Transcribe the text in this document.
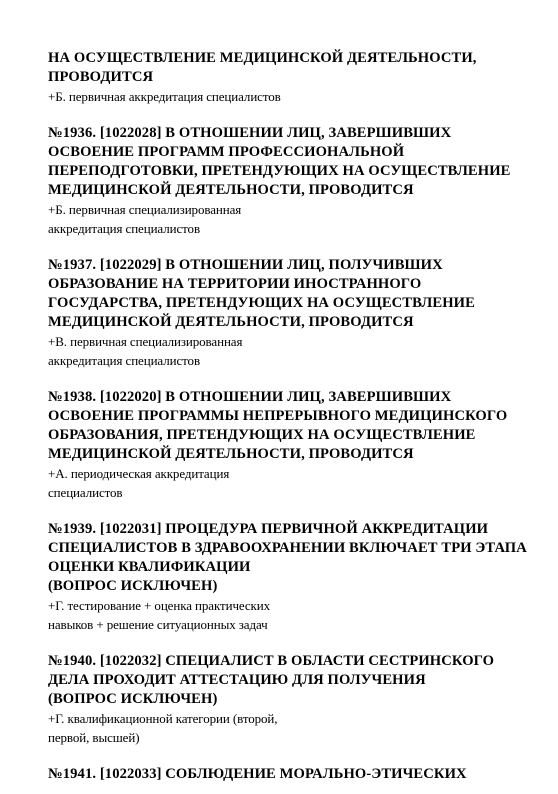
НА ОСУЩЕСТВЛЕНИЕ МЕДИЦИНСКОЙ ДЕЯТЕЛЬНОСТИ,

ПРОВОДИТСЯ

+Б. первичная аккредитация специалистов

№1936. [1022028] В ОТНОШЕНИИ ЛИЦ, ЗАВЕРШИВШИХ

ОСВОЕНИЕ ПРОГРАММ ПРОФЕССИОНАЛЬНОЙ

ПЕРЕПОДГОТОВКИ, ПРЕТЕНДУЮЩИХ НА ОСУЩЕСТВЛЕНИЕ

МЕДИЦИНСКОЙ ДЕЯТЕЛЬНОСТИ, ПРОВОДИТСЯ

+Б. первичная специализированная

аккредитация специалистов

№1937. [1022029] В ОТНОШЕНИИ ЛИЦ, ПОЛУЧИВШИХ

ОБРАЗОВАНИЕ НА ТЕРРИТОРИИ ИНОСТРАННОГО

ГОСУДАРСТВА, ПРЕТЕНДУЮЩИХ НА ОСУЩЕСТВЛЕНИЕ

МЕДИЦИНСКОЙ ДЕЯТЕЛЬНОСТИ, ПРОВОДИТСЯ

+В. первичная специализированная

аккредитация специалистов

№1938. [1022020] В ОТНОШЕНИИ ЛИЦ, ЗАВЕРШИВШИХ

ОСВОЕНИЕ ПРОГРАММЫ НЕПРЕРЫВНОГО МЕДИЦИНСКОГО

ОБРАЗОВАНИЯ, ПРЕТЕНДУЮЩИХ НА ОСУЩЕСТВЛЕНИЕ

МЕДИЦИНСКОЙ ДЕЯТЕЛЬНОСТИ, ПРОВОДИТСЯ

+А. периодическая аккредитация

специалистов

№1939. [1022031] ПРОЦЕДУРА ПЕРВИЧНОЙ АККРЕДИТАЦИИ

СПЕЦИАЛИСТОВ В ЗДРАВООХРАНЕНИИ ВКЛЮЧАЕТ ТРИ ЭТАПА

ОЦЕНКИ КВАЛИФИКАЦИИ

(ВОПРОС ИСКЛЮЧЕН)

+Г. тестирование + оценка практических

навыков + решение ситуационных задач

№1940. [1022032] СПЕЦИАЛИСТ В ОБЛАСТИ СЕСТРИНСКОГО

ДЕЛА ПРОХОДИТ АТТЕСТАЦИЮ ДЛЯ ПОЛУЧЕНИЯ

(ВОПРОС ИСКЛЮЧЕН)

+Г. квалификационной категории (второй,

первой, высшей)

№1941. [1022033] СОБЛЮДЕНИЕ МОРАЛЬНО-ЭТИЧЕСКИХ
